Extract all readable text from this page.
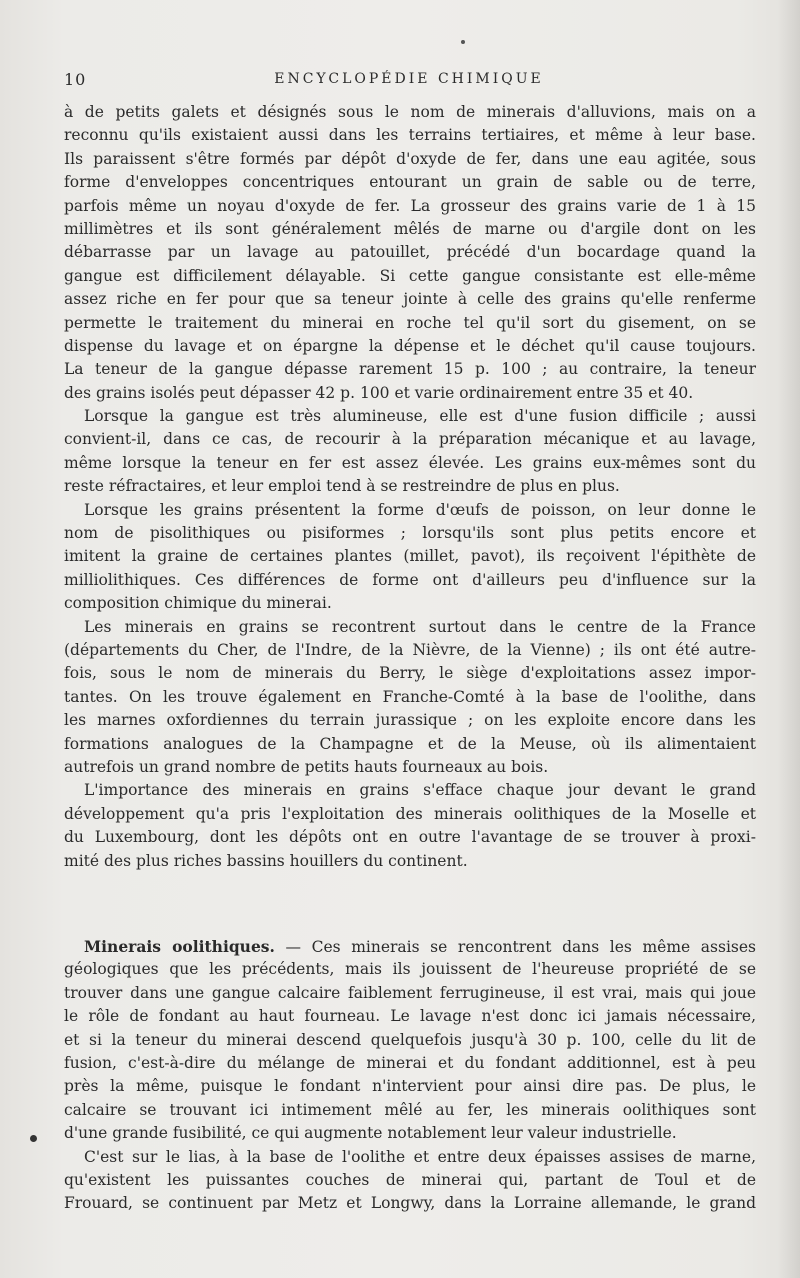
10	ENCYCLOPÉDIE CHIMIQUE
à de petits galets et désignés sous le nom de minerais d'alluvions, mais on a
reconnu qu'ils existaient aussi dans les terrains tertiaires, et même à leur base.
Ils paraissent s'être formés par dépôt d'oxyde de fer, dans une eau agitée, sous
forme d'enveloppes concentriques entourant un grain de sable ou de terre,
parfois même un noyau d'oxyde de fer. La grosseur des grains varie de 1 à 15
millimètres et ils sont généralement mêlés de marne ou d'argile dont on les
débarrasse par un lavage au patouillet, précédé d'un bocardage quand la
gangue est difficilement délayable. Si cette gangue consistante est elle-même
assez riche en fer pour que sa teneur jointe à celle des grains qu'elle renferme
permette le traitement du minerai en roche tel qu'il sort du gisement, on se
dispense du lavage et on épargne la dépense et le déchet qu'il cause toujours.
La teneur de la gangue dépasse rarement 15 p. 100 ; au contraire, la teneur
des grains isolés peut dépasser 42 p. 100 et varie ordinairement entre 35 et 40.
Lorsque la gangue est très alumineuse, elle est d'une fusion difficile ; aussi
convient-il, dans ce cas, de recourir à la préparation mécanique et au lavage,
même lorsque la teneur en fer est assez élevée. Les grains eux-mêmes sont du
reste réfractaires, et leur emploi tend à se restreindre de plus en plus.
Lorsque les grains présentent la forme d'œufs de poisson, on leur donne le
nom de pisolithiques ou pisiformes ; lorsqu'ils sont plus petits encore et
imitent la graine de certaines plantes (millet, pavot), ils reçoivent l'épithète de
milliolithiques. Ces différences de forme ont d'ailleurs peu d'influence sur la
composition chimique du minerai.
Les minerais en grains se recontrent surtout dans le centre de la France
(départements du Cher, de l'Indre, de la Nièvre, de la Vienne) ; ils ont été autre-
fois, sous le nom de minerais du Berry, le siège d'exploitations assez impor-
tantes. On les trouve également en Franche-Comté à la base de l'oolithe, dans
les marnes oxfordiennes du terrain jurassique ; on les exploite encore dans les
formations analogues de la Champagne et de la Meuse, où ils alimentaient
autrefois un grand nombre de petits hauts fourneaux au bois.
L'importance des minerais en grains s'efface chaque jour devant le grand
développement qu'a pris l'exploitation des minerais oolithiques de la Moselle et
du Luxembourg, dont les dépôts ont en outre l'avantage de se trouver à proxi-
mité des plus riches bassins houillers du continent.
Minerais oolithiques. — Ces minerais se rencontrent dans les même assises
géologiques que les précédents, mais ils jouissent de l'heureuse propriété de se
trouver dans une gangue calcaire faiblement ferrugineuse, il est vrai, mais qui joue
le rôle de fondant au haut fourneau. Le lavage n'est donc ici jamais nécessaire,
et si la teneur du minerai descend quelquefois jusqu'à 30 p. 100, celle du lit de
fusion, c'est-à-dire du mélange de minerai et du fondant additionnel, est à peu
près la même, puisque le fondant n'intervient pour ainsi dire pas. De plus, le
calcaire se trouvant ici intimement mêlé au fer, les minerais oolithiques sont
d'une grande fusibilité, ce qui augmente notablement leur valeur industrielle.
C'est sur le lias, à la base de l'oolithe et entre deux épaisses assises de marne,
qu'existent les puissantes couches de minerai qui, partant de Toul et de
Frouard, se continuent par Metz et Longwy, dans la Lorraine allemande, le grand
